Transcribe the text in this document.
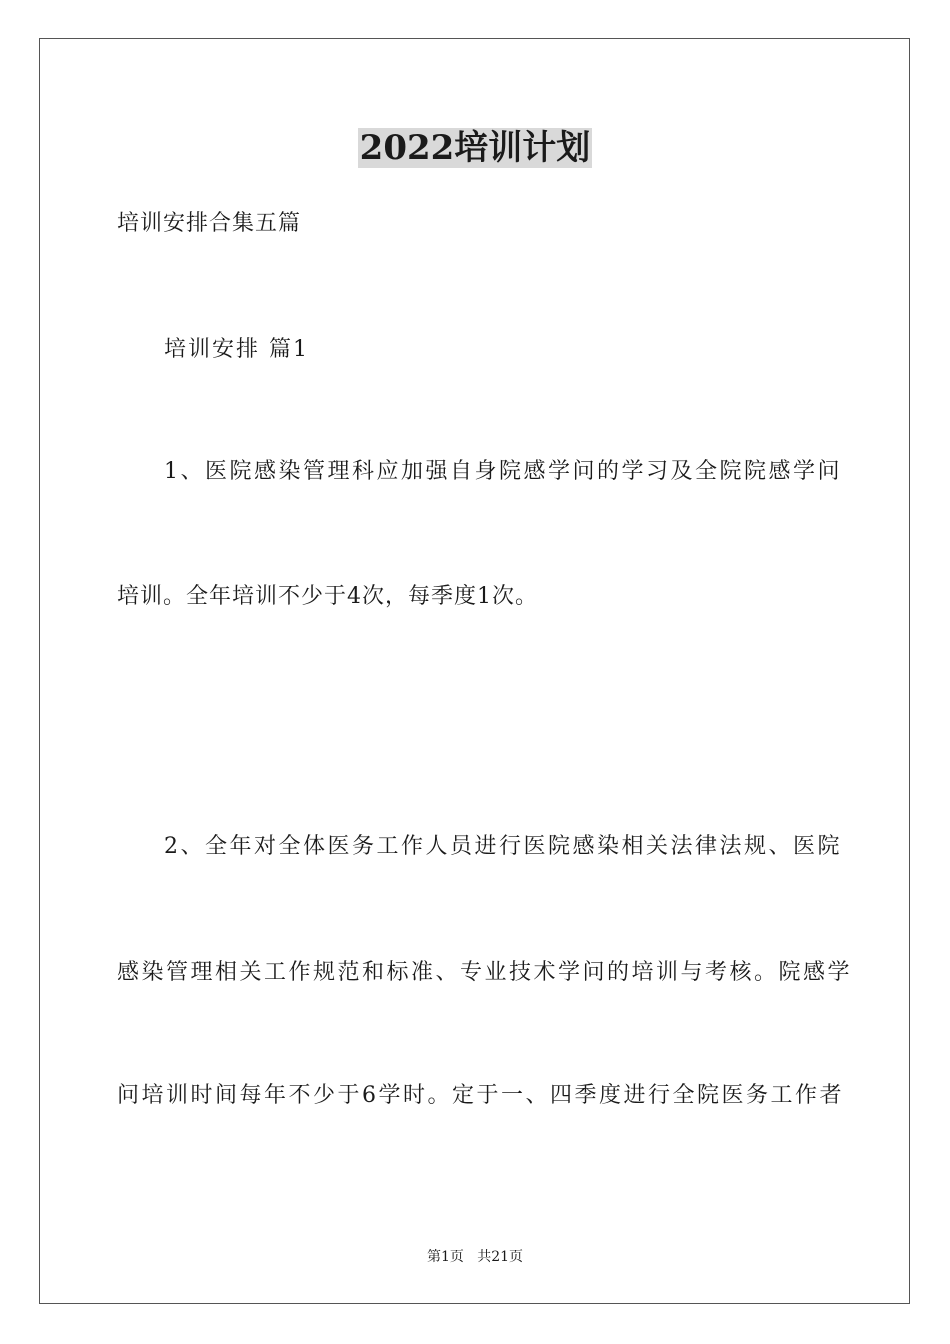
2022培训计划
培训安排合集五篇
培训安排 篇1
1、医院感染管理科应加强自身院感学问的学习及全院院感学问
培训。全年培训不少于4次，每季度1次。
2、全年对全体医务工作人员进行医院感染相关法律法规、医院
感染管理相关工作规范和标准、专业技术学问的培训与考核。院感学
问培训时间每年不少于6学时。定于一、四季度进行全院医务工作者
第1页   共21页
